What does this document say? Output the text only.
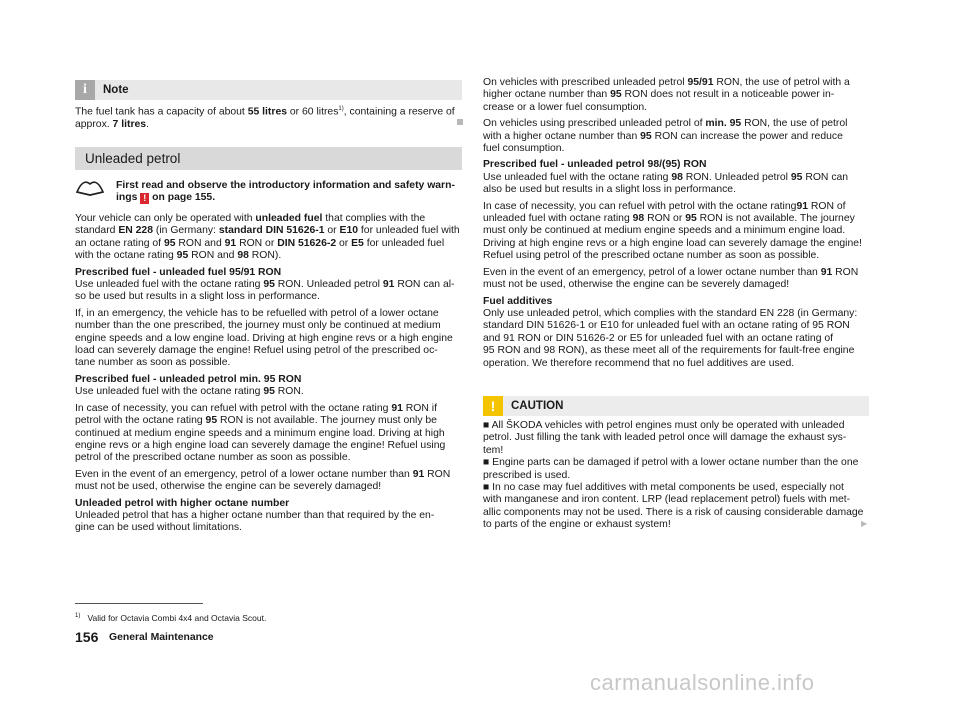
i	Note

The fuel tank has a capacity of about 55 litres or 60 litres$^{1)}$, containing a reserve of

approx. 7 litres.

Unleaded petrol

First read and observe the introductory information and safety warn-

ings ! on page 155.

Your vehicle can only be operated with unleaded fuel that complies with the

standard EN 228 (in Germany: standard DIN 51626-1 or E10 for unleaded fuel with

an octane rating of 95 RON and 91 RON or DIN 51626-2 or E5 for unleaded fuel

with the octane rating 95 RON and 98 RON).

Prescribed fuel - unleaded fuel 95/91 RON

Use unleaded fuel with the octane rating 95 RON. Unleaded petrol 91 RON can al-

so be used but results in a slight loss in performance.

If, in an emergency, the vehicle has to be refuelled with petrol of a lower octane

number than the one prescribed, the journey must only be continued at medium

engine speeds and a low engine load. Driving at high engine revs or a high engine

load can severely damage the engine! Refuel using petrol of the prescribed oc-

tane number as soon as possible.

Prescribed fuel - unleaded petrol min. 95 RON

Use unleaded fuel with the octane rating 95 RON.

In case of necessity, you can refuel with petrol with the octane rating 91 RON if

petrol with the octane rating 95 RON is not available. The journey must only be

continued at medium engine speeds and a minimum engine load. Driving at high

engine revs or a high engine load can severely damage the engine! Refuel using

petrol of the prescribed octane number as soon as possible.

Even in the event of an emergency, petrol of a lower octane number than 91 RON

must not be used, otherwise the engine can be severely damaged!

Unleaded petrol with higher octane number

Unleaded petrol that has a higher octane number than that required by the en-

gine can be used without limitations.

On vehicles with prescribed unleaded petrol 95/91 RON, the use of petrol with a

higher octane number than 95 RON does not result in a noticeable power in-

crease or a lower fuel consumption.

On vehicles using prescribed unleaded petrol of min. 95 RON, the use of petrol

with a higher octane number than 95 RON can increase the power and reduce

fuel consumption.

Prescribed fuel - unleaded petrol 98/(95) RON

Use unleaded fuel with the octane rating 98 RON. Unleaded petrol 95 RON can

also be used but results in a slight loss in performance.

In case of necessity, you can refuel with petrol with the octane rating91 RON of

unleaded fuel with octane rating 98 RON or 95 RON is not available. The journey

must only be continued at medium engine speeds and a minimum engine load.

Driving at high engine revs or a high engine load can severely damage the engine!

Refuel using petrol of the prescribed octane number as soon as possible.

Even in the event of an emergency, petrol of a lower octane number than 91 RON

must not be used, otherwise the engine can be severely damaged!

Fuel additives

Only use unleaded petrol, which complies with the standard EN 228 (in Germany:

standard DIN 51626-1 or E10 for unleaded fuel with an octane rating of 95 RON

and 91 RON or DIN 51626-2 or E5 for unleaded fuel with an octane rating of

95 RON and 98 RON), as these meet all of the requirements for fault-free engine

operation. We therefore recommend that no fuel additives are used.

!	CAUTION

■ All ŠKODA vehicles with petrol engines must only be operated with unleaded

petrol. Just filling the tank with leaded petrol once will damage the exhaust sys-

tem!

■ Engine parts can be damaged if petrol with a lower octane number than the one

prescribed is used.

■ In no case may fuel additives with metal components be used, especially not

with manganese and iron content. LRP (lead replacement petrol) fuels with met-

allic components may not be used. There is a risk of causing considerable damage

to parts of the engine or exhaust system!	▶
$^{1)}$ Valid for Octavia Combi 4x4 and Octavia Scout.
156 General Maintenance
carmanualsonline.info
